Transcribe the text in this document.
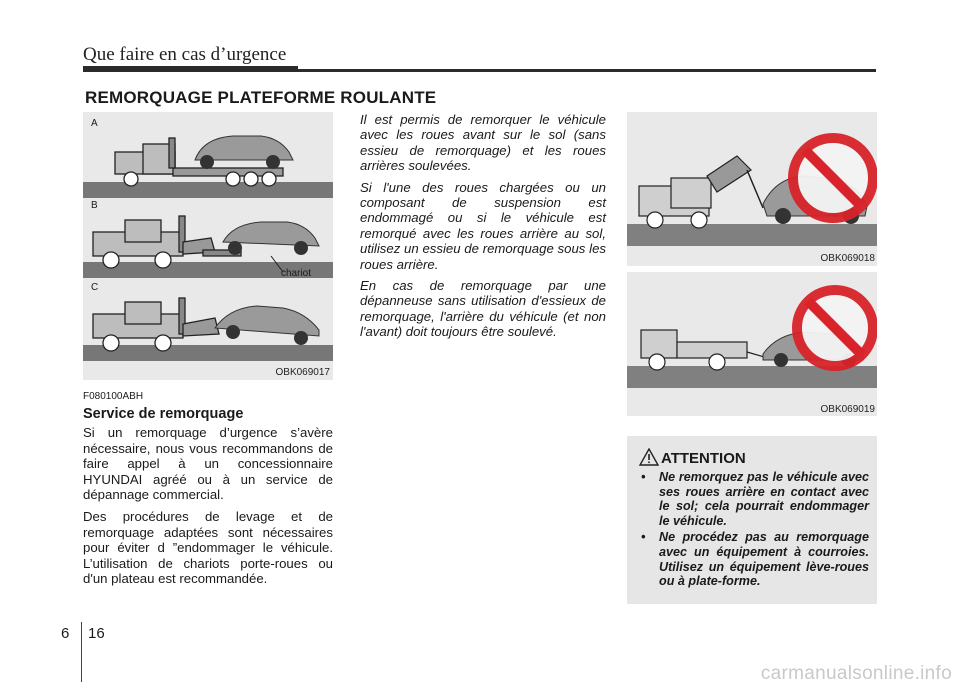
Que faire en cas d’urgence
REMORQUAGE PLATEFORME ROULANTE
A
B
C
chariot
OBK069017

Il est permis de remorquer le véhicule avec les roues avant sur le sol (sans essieu de remorquage) et les roues arrières soulevées.

Si l'une des roues chargées ou un composant de suspension est endommagé ou si le véhicule est remorqué avec les roues arrière au sol, utilisez un essieu de remorquage sous les roues arrière.

En cas de remorquage par une dépanneuse sans utilisation d'essieux de remorquage, l'arrière du véhicule (et non l'avant) doit toujours être soulevé.

OBK069018
OBK069019
F080100ABH
Service de remorquage

Si un remorquage d’urgence s’avère nécessaire, nous vous recommandons de faire appel à un concessionnaire HYUNDAI agréé ou à un service de dépannage commercial.

Des procédures de levage et de remorquage adaptées sont nécessaires pour éviter d ”endommager le véhicule. L’utilisation de chariots porte-roues ou d'un plateau est recommandée.

ATTENTION
• Ne remorquez pas le véhicule avec ses roues arrière en contact avec le sol; cela pourrait endommager le véhicule.
• Ne procédez pas au remorquage avec un équipement à courroies. Utilisez un équipement lève-roues ou à plate-forme.
6 16
carmanualsonline.info
